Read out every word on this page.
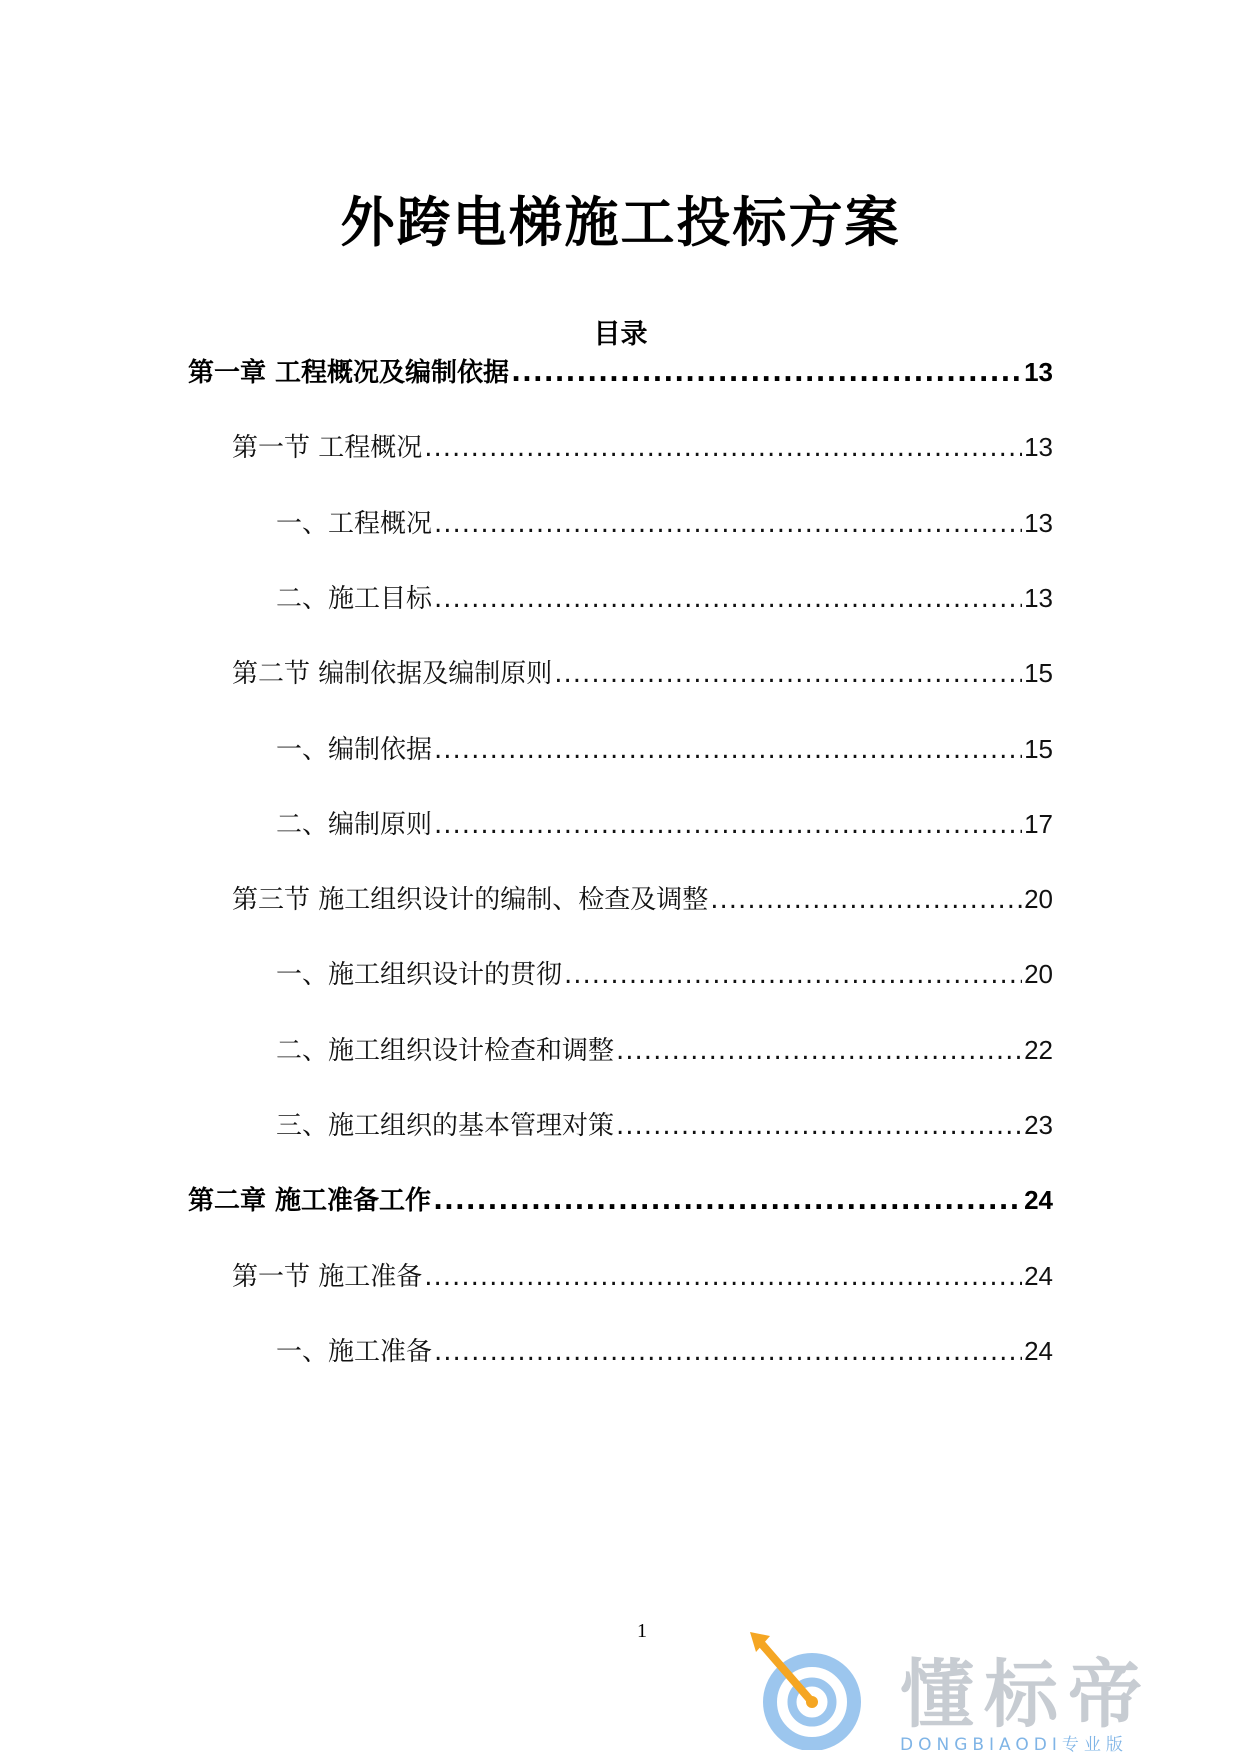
外跨电梯施工投标方案
目录
第一章 工程概况及编制依据 .....	13
第一节 工程概况 .....	13
一、工程概况 .....	13
二、施工目标 .....	13
第二节 编制依据及编制原则 .....	15
一、编制依据 .....	15
二、编制原则 .....	17
第三节 施工组织设计的编制、检查及调整 .....	20
一、施工组织设计的贯彻 .....	20
二、施工组织设计检查和调整 .....	22
三、施工组织的基本管理对策 .....	23
第二章 施工准备工作 .....	24
第一节 施工准备 .....	24
一、施工准备 .....	24
1
懂标帝
DONGBIAODI专业版
